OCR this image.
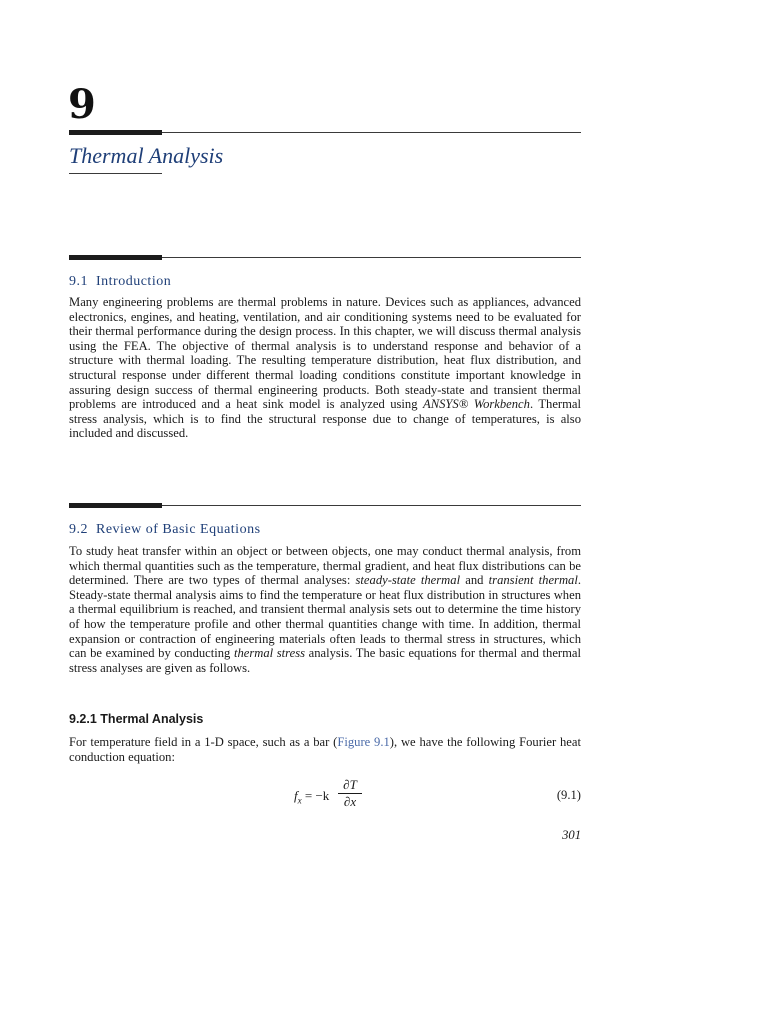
9
Thermal Analysis
9.1 Introduction

Many engineering problems are thermal problems in nature. Devices such as appliances, advanced electronics, engines, and heating, ventilation, and air conditioning systems need to be evaluated for their thermal performance during the design process. In this chapter, we will discuss thermal analysis using the FEA. The objective of thermal analysis is to understand response and behavior of a structure with thermal loading. The resulting temperature distribution, heat flux distribution, and structural response under different thermal loading conditions constitute important knowledge in assuring design success of thermal engineering products. Both steady-state and transient thermal problems are introduced and a heat sink model is analyzed using ANSYS® Workbench. Thermal stress analysis, which is to find the structural response due to change of temperatures, is also included and discussed.

9.2 Review of Basic Equations

To study heat transfer within an object or between objects, one may conduct thermal analysis, from which thermal quantities such as the temperature, thermal gradient, and heat flux distributions can be determined. There are two types of thermal analyses: steady-state thermal and transient thermal. Steady-state thermal analysis aims to find the temperature or heat flux distribution in structures when a thermal equilibrium is reached, and transient thermal analysis sets out to determine the time history of how the temperature profile and other thermal quantities change with time. In addition, thermal expansion or contraction of engineering materials often leads to thermal stress in structures, which can be examined by conducting thermal stress analysis. The basic equations for thermal and thermal stress analyses are given as follows.

9.2.1 Thermal Analysis

For temperature field in a 1-D space, such as a bar (Figure 9.1), we have the following Fourier heat conduction equation:

$f_x = -k$
∂T
∂x	(9.1)
301
